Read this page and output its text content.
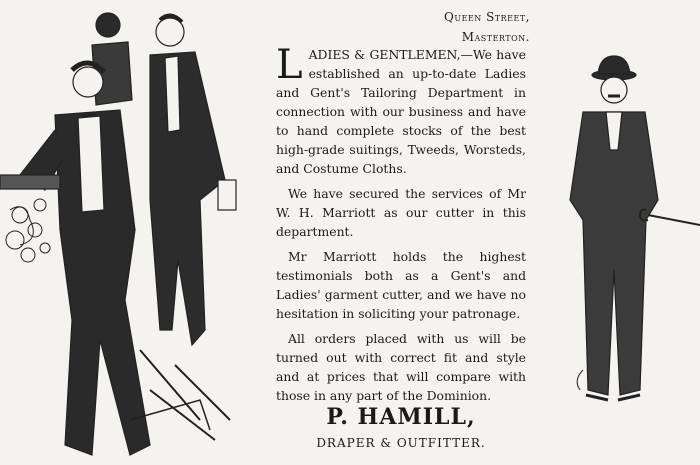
Queen Street,
Masterton.

LADIES & GENTLEMEN,—We have established an up-to-date Ladies and Gent's Tailoring Department in connection with our business and have to hand complete stocks of the best high-grade suitings, Tweeds, Worsteds, and Costume Cloths.

We have secured the services of Mr W. H. Marriott as our cutter in this department.

Mr Marriott holds the highest testimonials both as a Gent's and Ladies' garment cutter, and we have no hesitation in soliciting your patronage.

All orders placed with us will be turned out with correct fit and style and at prices that will compare with those in any part of the Dominion.

P. HAMILL,
DRAPER & OUTFITTER.
